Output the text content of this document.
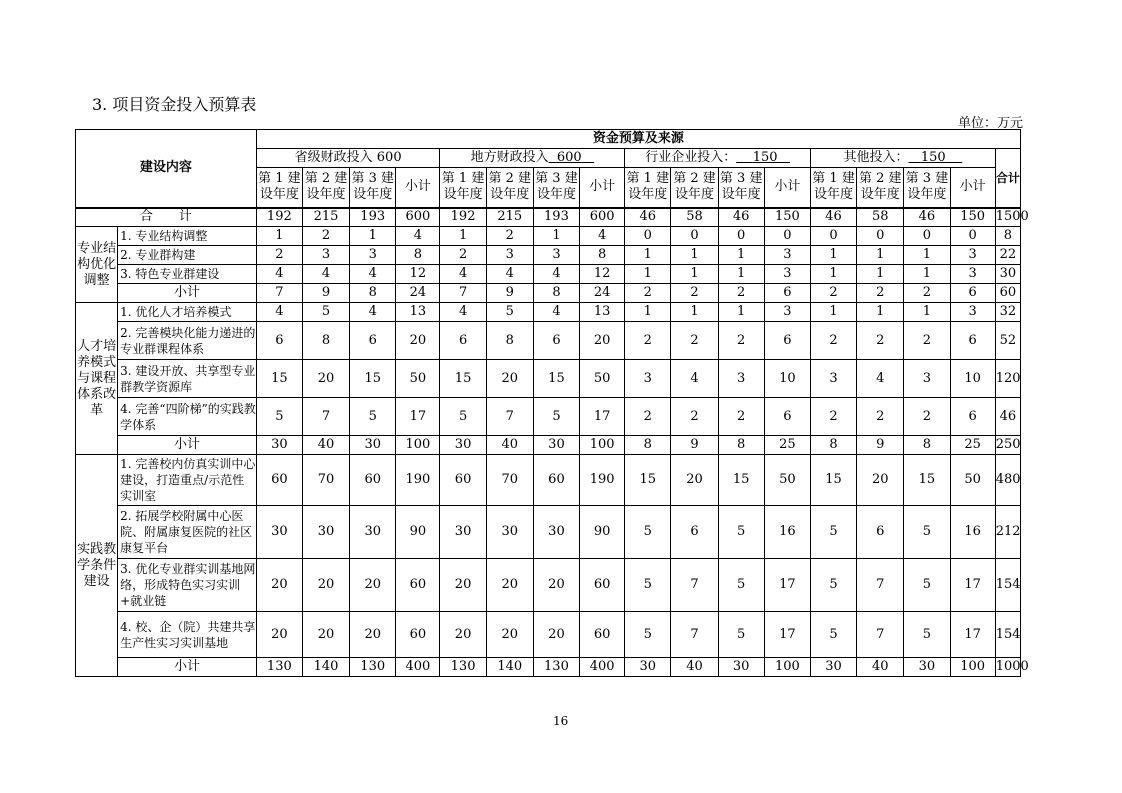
3. 项目资金投入预算表
单位：万元
建设内容		资金预算及来源																
		省级财政投入 600				地方财政投入 600				行业企业投入： 150				其他投入： 150				合计
		第 1 建设年度	第 2 建设年度	第 3 建设年度	小计	第 1 建设年度	第 2 建设年度	第 3 建设年度	小计	第 1 建设年度	第 2 建设年度	第 3 建设年度	小计	第 1 建设年度	第 2 建设年度	第 3 建设年度	小计	
合　　计		192	215	193	600	192	215	193	600	46	58	46	150	46	58	46	150	1500
专业结构优化调整	1. 专业结构调整	1	2	1	4	1	2	1	4	0	0	0	0	0	0	0	0	8
	2. 专业群构建	2	3	3	8	2	3	3	8	1	1	1	3	1	1	1	3	22
	3. 特色专业群建设	4	4	4	12	4	4	4	12	1	1	1	3	1	1	1	3	30
	小计	7	9	8	24	7	9	8	24	2	2	2	6	2	2	2	6	60
人才培养模式与课程体系改革	1. 优化人才培养模式	4	5	4	13	4	5	4	13	1	1	1	3	1	1	1	3	32
	2. 完善模块化能力递进的专业群课程体系	6	8	6	20	6	8	6	20	2	2	2	6	2	2	2	6	52
	3. 建设开放、共享型专业群教学资源库	15	20	15	50	15	20	15	50	3	4	3	10	3	4	3	10	120
	4. 完善“四阶梯”的实践教学体系	5	7	5	17	5	7	5	17	2	2	2	6	2	2	2	6	46
	小计	30	40	30	100	30	40	30	100	8	9	8	25	8	9	8	25	250
实践教学条件建设	1. 完善校内仿真实训中心建设，打造重点/示范性实训室	60	70	60	190	60	70	60	190	15	20	15	50	15	20	15	50	480
	2. 拓展学校附属中心医院、附属康复医院的社区康复平台	30	30	30	90	30	30	30	90	5	6	5	16	5	6	5	16	212
	3. 优化专业群实训基地网络，形成特色实习实训+就业链	20	20	20	60	20	20	20	60	5	7	5	17	5	7	5	17	154
	4. 校、企（院）共建共享生产性实习实训基地	20	20	20	60	20	20	20	60	5	7	5	17	5	7	5	17	154
	小计	130	140	130	400	130	140	130	400	30	40	30	100	30	40	30	100	1000
16
